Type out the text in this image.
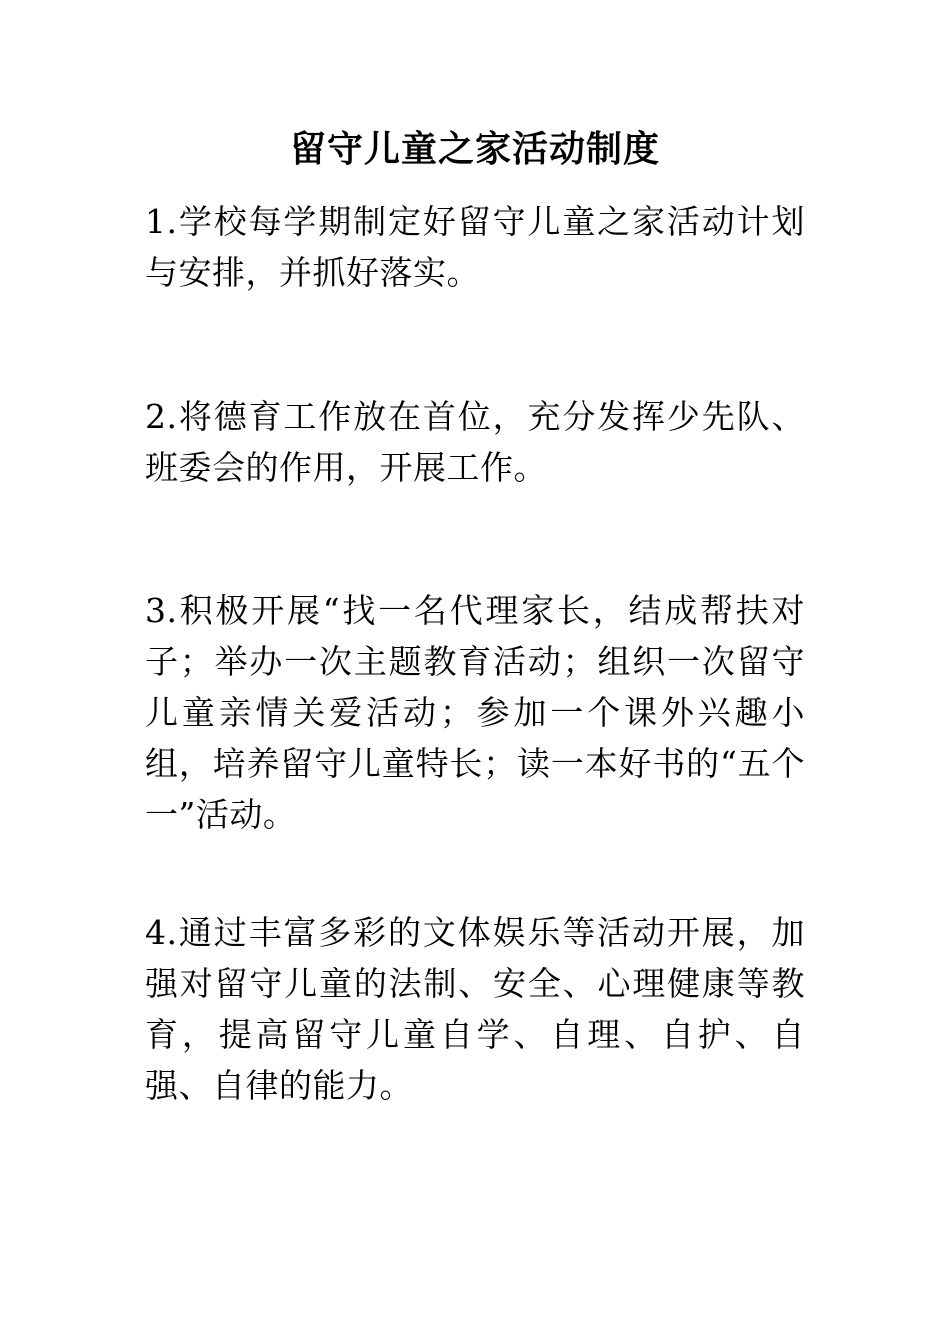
留守儿童之家活动制度
1.学校每学期制定好留守儿童之家活动计划与安排，并抓好落实。
2.将德育工作放在首位，充分发挥少先队、班委会的作用，开展工作。
3.积极开展“找一名代理家长，结成帮扶对子；举办一次主题教育活动；组织一次留守儿童亲情关爱活动；参加一个课外兴趣小组，培养留守儿童特长；读一本好书的“五个一”活动。
4.通过丰富多彩的文体娱乐等活动开展，加强对留守儿童的法制、安全、心理健康等教育，提高留守儿童自学、自理、自护、自强、自律的能力。
